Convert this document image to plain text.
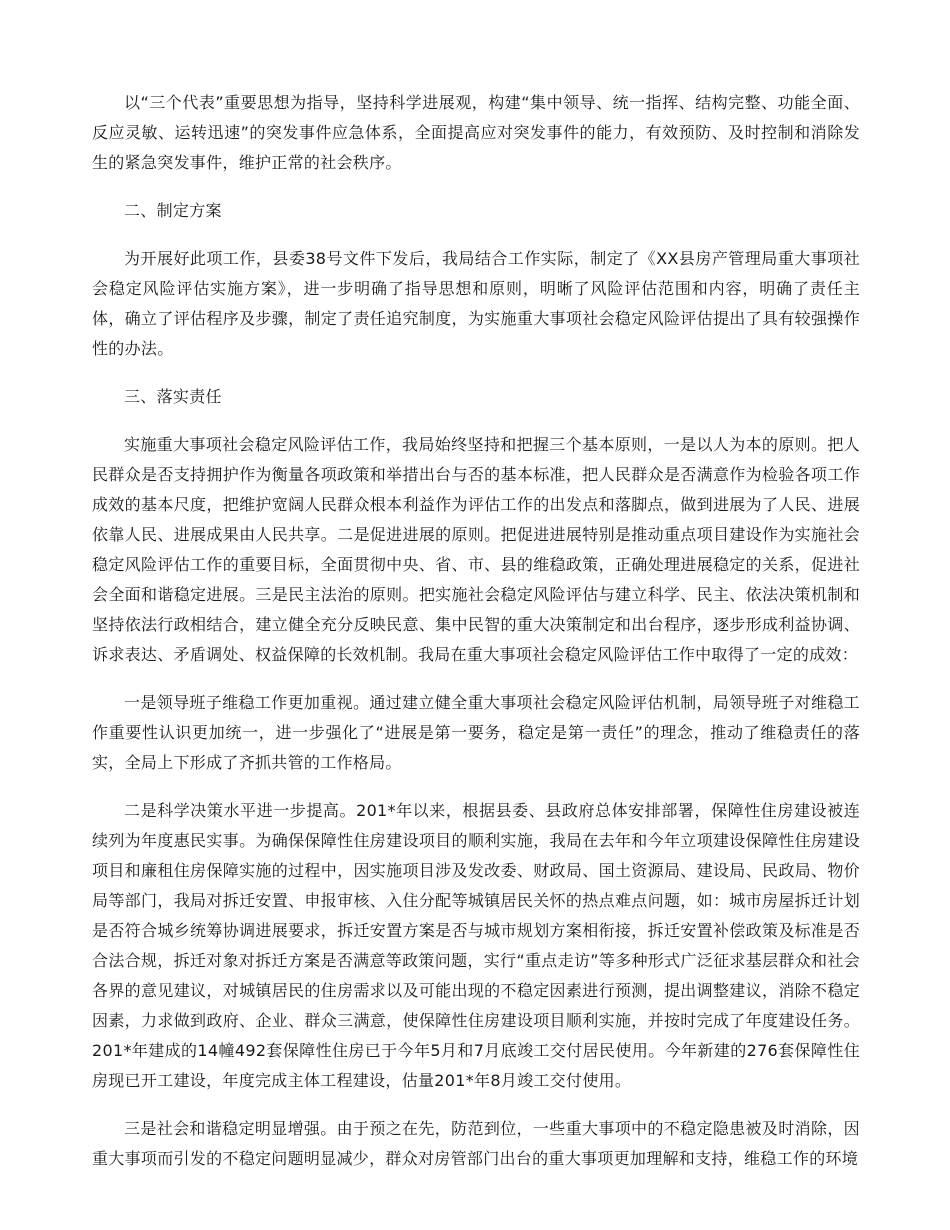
以“三个代表”重要思想为指导，坚持科学进展观，构建“集中领导、统一指挥、结构完整、功能全面、反应灵敏、运转迅速”的突发事件应急体系，全面提高应对突发事件的能力，有效预防、及时控制和消除发生的紧急突发事件，维护正常的社会秩序。

二、制定方案

为开展好此项工作，县委38号文件下发后，我局结合工作实际，制定了《XX县房产管理局重大事项社会稳定风险评估实施方案》，进一步明确了指导思想和原则，明晰了风险评估范围和内容，明确了责任主体，确立了评估程序及步骤，制定了责任追究制度，为实施重大事项社会稳定风险评估提出了具有较强操作性的办法。

三、落实责任

实施重大事项社会稳定风险评估工作，我局始终坚持和把握三个基本原则，一是以人为本的原则。把人民群众是否支持拥护作为衡量各项政策和举措出台与否的基本标准，把人民群众是否满意作为检验各项工作成效的基本尺度，把维护宽阔人民群众根本利益作为评估工作的出发点和落脚点，做到进展为了人民、进展依靠人民、进展成果由人民共享。二是促进进展的原则。把促进进展特别是推动重点项目建设作为实施社会稳定风险评估工作的重要目标，全面贯彻中央、省、市、县的维稳政策，正确处理进展稳定的关系，促进社会全面和谐稳定进展。三是民主法治的原则。把实施社会稳定风险评估与建立科学、民主、依法决策机制和坚持依法行政相结合，建立健全充分反映民意、集中民智的重大决策制定和出台程序，逐步形成利益协调、诉求表达、矛盾调处、权益保障的长效机制。我局在重大事项社会稳定风险评估工作中取得了一定的成效：

一是领导班子维稳工作更加重视。通过建立健全重大事项社会稳定风险评估机制，局领导班子对维稳工作重要性认识更加统一，进一步强化了“进展是第一要务，稳定是第一责任”的理念，推动了维稳责任的落实，全局上下形成了齐抓共管的工作格局。

二是科学决策水平进一步提高。201*年以来，根据县委、县政府总体安排部署，保障性住房建设被连续列为年度惠民实事。为确保保障性住房建设项目的顺利实施，我局在去年和今年立项建设保障性住房建设项目和廉租住房保障实施的过程中，因实施项目涉及发改委、财政局、国土资源局、建设局、民政局、物价局等部门，我局对拆迁安置、申报审核、入住分配等城镇居民关怀的热点难点问题，如：城市房屋拆迁计划是否符合城乡统筹协调进展要求，拆迁安置方案是否与城市规划方案相衔接，拆迁安置补偿政策及标准是否合法合规，拆迁对象对拆迁方案是否满意等政策问题，实行“重点走访”等多种形式广泛征求基层群众和社会各界的意见建议，对城镇居民的住房需求以及可能出现的不稳定因素进行预测，提出调整建议，消除不稳定因素，力求做到政府、企业、群众三满意，使保障性住房建设项目顺利实施，并按时完成了年度建设任务。201*年建成的14幢492套保障性住房已于今年5月和7月底竣工交付居民使用。今年新建的276套保障性住房现已开工建设，年度完成主体工程建设，估量201*年8月竣工交付使用。

三是社会和谐稳定明显增强。由于预之在先，防范到位，一些重大事项中的不稳定隐患被及时消除，因重大事项而引发的不稳定问题明显减少，群众对房管部门出台的重大事项更加理解和支持，维稳工作的环境
